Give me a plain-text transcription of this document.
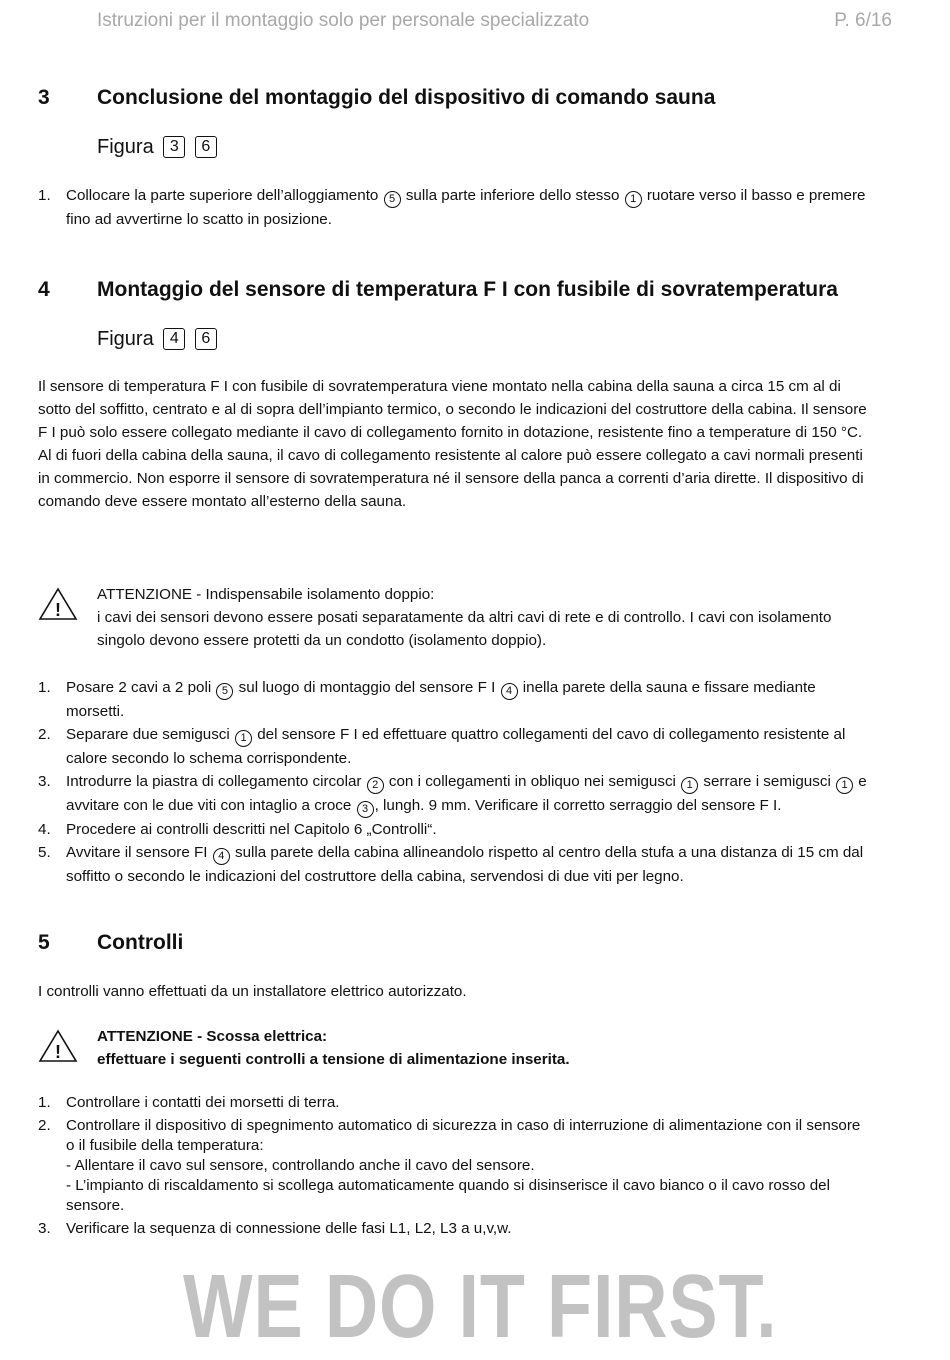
Istruzioni per il montaggio solo per personale specializzato	P. 6/16
3 Conclusione del montaggio del dispositivo di comando sauna
Figura 3 6
1. Collocare la parte superiore dell’alloggiamento 5 sulla parte inferiore dello stesso 1 ruotare verso il basso e premere fino ad avvertirne lo scatto in posizione.
4 Montaggio del sensore di temperatura F I con fusibile di sovratemperatura
Figura 4 6

Il sensore di temperatura F I con fusibile di sovratemperatura viene montato nella cabina della sauna a circa 15 cm al di sotto del soffitto, centrato e al di sopra dell’impianto termico, o secondo le indicazioni del costruttore della cabina. Il sensore F I può solo essere collegato mediante il cavo di collegamento fornito in dotazione, resistente fino a temperature di 150 °C.

Al di fuori della cabina della sauna, il cavo di collegamento resistente al calore può essere collegato a cavi normali presenti in commercio. Non esporre il sensore di sovratemperatura né il sensore della panca a correnti d’aria dirette. Il dispositivo di comando deve essere montato all’esterno della sauna.

!
ATTENZIONE - Indispensabile isolamento doppio:
i cavi dei sensori devono essere posati separatamente da altri cavi di rete e di controllo. I cavi con isolamento singolo devono essere protetti da un condotto (isolamento doppio).
1. Posare 2 cavi a 2 poli 5 sul luogo di montaggio del sensore F I 4 inella parete della sauna e fissare mediante morsetti.
2. Separare due semigusci 1 del sensore F I ed effettuare quattro collegamenti del cavo di collegamento resistente al calore secondo lo schema corrispondente.
3. Introdurre la piastra di collegamento circolar 2 con i collegamenti in obliquo nei semigusci 1 serrare i semigusci 1 e avvitare con le due viti con intaglio a croce 3 , lungh. 9 mm. Verificare il corretto serraggio del sensore F I.
4. Procedere ai controlli descritti nel Capitolo 6 „Controlli“.
5. Avvitare il sensore FI 4 sulla parete della cabina allineandolo rispetto al centro della stufa a una distanza di 15 cm dal soffitto o secondo le indicazioni del costruttore della cabina, servendosi di due viti per legno.
5 Controlli
I controlli vanno effettuati da un installatore elettrico autorizzato.
!
ATTENZIONE - Scossa elettrica:
effettuare i seguenti controlli a tensione di alimentazione inserita.
1. Controllare i contatti dei morsetti di terra.
2. Controllare il dispositivo di spegnimento automatico di sicurezza in caso di interruzione di alimentazione con il sensore o il fusibile della temperatura:
- Allentare il cavo sul sensore, controllando anche il cavo del sensore.
- L’impianto di riscaldamento si scollega automaticamente quando si disinserisce il cavo bianco o il cavo rosso del sensore.
3. Verificare la sequenza di connessione delle fasi L1, L2, L3 a u,v,w.
WE DO IT FIRST.
